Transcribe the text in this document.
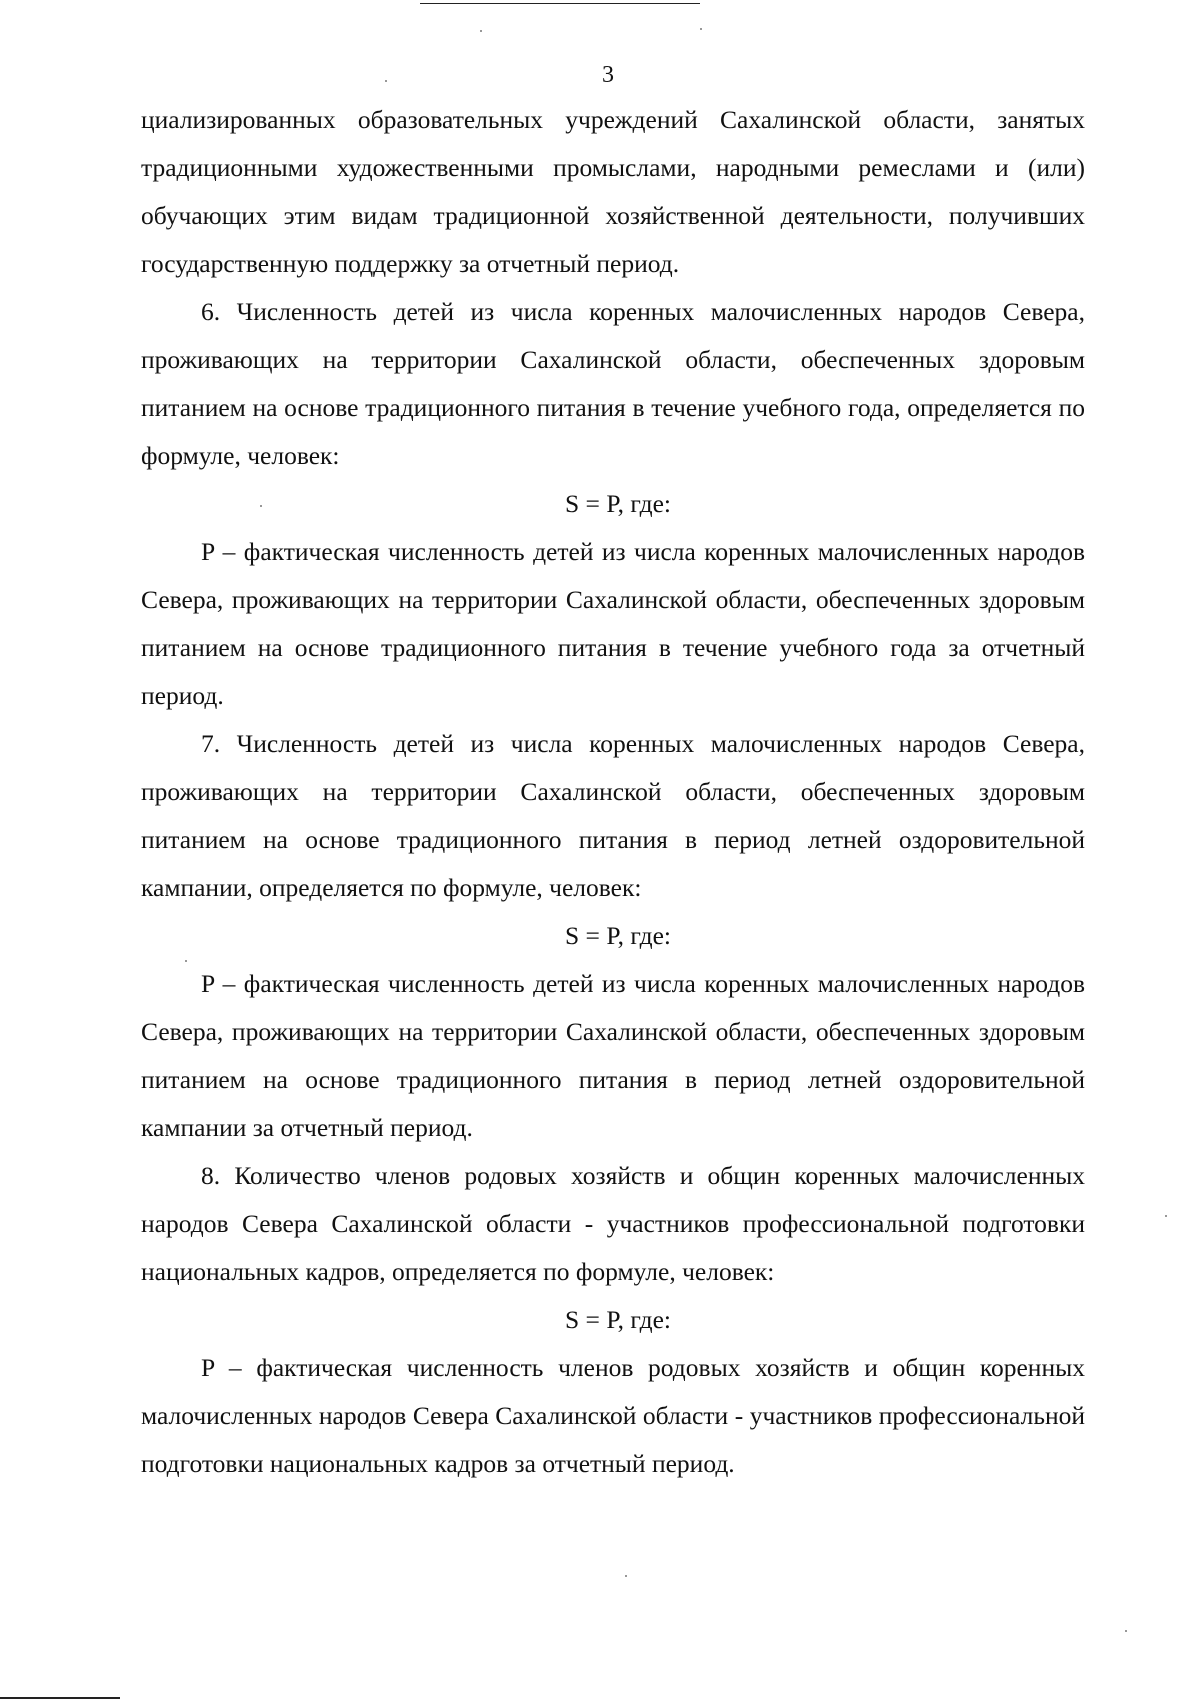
3

циализированных образовательных учреждений Сахалинской области, занятых традиционными художественными промыслами, народными ремеслами и (или) обучающих этим видам традиционной хозяйственной деятельности, получивших государственную поддержку за отчетный период.

6. Численность детей из числа коренных малочисленных народов Севера, проживающих на территории Сахалинской области, обеспеченных здоровым питанием на основе традиционного питания в течение учебного года, определяется по формуле, человек:

S = P, где:

P – фактическая численность детей из числа коренных малочисленных народов Севера, проживающих на территории Сахалинской области, обеспеченных здоровым питанием на основе традиционного питания в течение учебного года за отчетный период.

7. Численность детей из числа коренных малочисленных народов Севера, проживающих на территории Сахалинской области, обеспеченных здоровым питанием на основе традиционного питания в период летней оздоровительной кампании, определяется по формуле, человек:

S = P, где:

P – фактическая численность детей из числа коренных малочисленных народов Севера, проживающих на территории Сахалинской области, обеспеченных здоровым питанием на основе традиционного питания в период летней оздоровительной кампании за отчетный период.

8. Количество членов родовых хозяйств и общин коренных малочисленных народов Севера Сахалинской области - участников профессиональной подготовки национальных кадров, определяется по формуле, человек:

S = P, где:

P – фактическая численность членов родовых хозяйств и общин коренных малочисленных народов Севера Сахалинской области - участников профессиональной подготовки национальных кадров за отчетный период.
